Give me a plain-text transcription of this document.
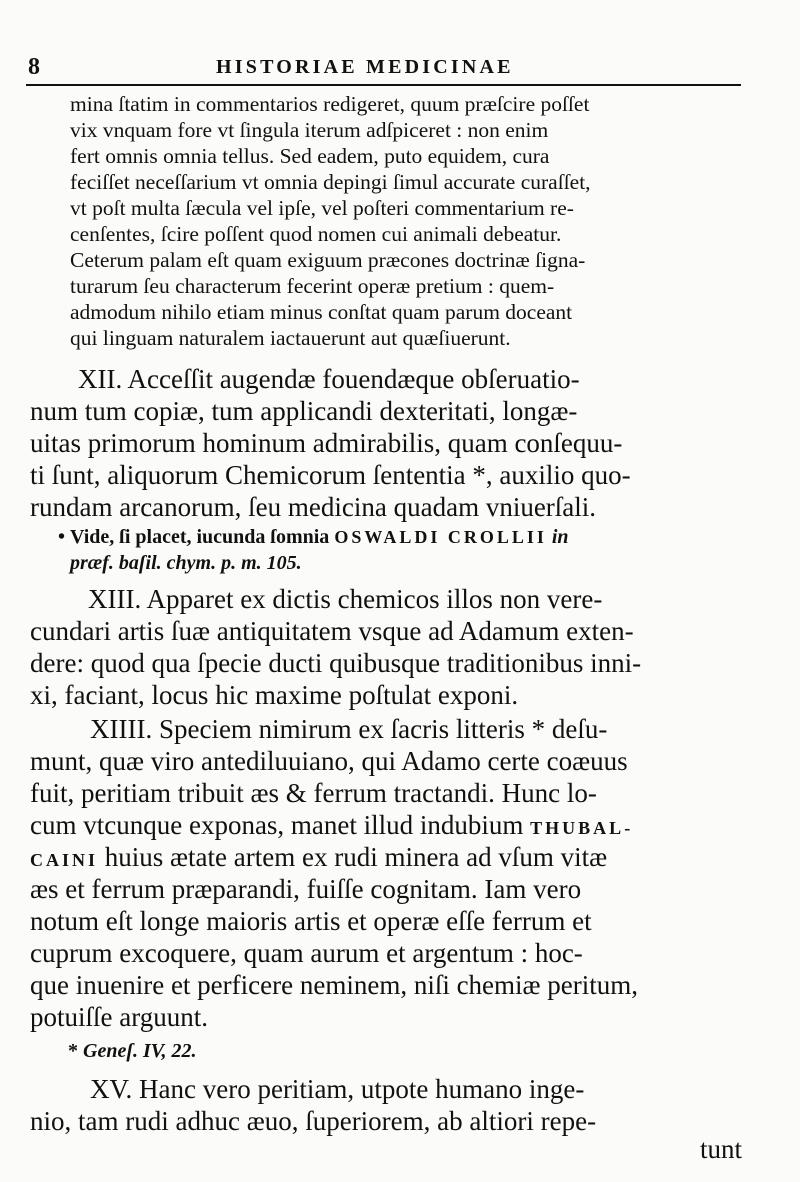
8	HISTORIAE MEDICINAE
mina ſtatim in commentarios redigeret, quum præſcire poſſet
vix vnquam fore vt ſingula iterum adſpiceret : non enim
fert omnis omnia tellus. Sed eadem, puto equidem, cura
feciſſet neceſſarium vt omnia depingi ſimul accurate curaſſet,
vt poſt multa ſæcula vel ipſe, vel poſteri commentarium re-
cenſentes, ſcire poſſent quod nomen cui animali debeatur.
Ceterum palam eſt quam exiguum præcones doctrinæ ſigna-
turarum ſeu characterum fecerint operæ pretium : quem-
admodum nihilo etiam minus conſtat quam parum doceant
qui linguam naturalem iactauerunt aut quæſiuerunt.
XII. Acceſſit augendæ fouendæque obſeruatio-
num tum copiæ, tum applicandi dexteritati, longæ-
uitas primorum hominum admirabilis, quam conſequu-
ti ſunt, aliquorum Chemicorum ſententia *, auxilio quo-
rundam arcanorum, ſeu medicina quadam vniuerſali.
• Vide, ſi placet, iucunda ſomnia OSWALDI CROLLII in
præf. baſil. chym. p. m. 105.
XIII. Apparet ex dictis chemicos illos non vere-
cundari artis ſuæ antiquitatem vsque ad Adamum exten-
dere: quod qua ſpecie ducti quibusque traditionibus inni-
xi, faciant, locus hic maxime poſtulat exponi.
XIIII. Speciem nimirum ex ſacris litteris * deſu-
munt, quæ viro antediluuiano, qui Adamo certe coæuus
fuit, peritiam tribuit æs & ferrum tractandi. Hunc lo-
cum vtcunque exponas, manet illud indubium THUBAL-
CAINI huius ætate artem ex rudi minera ad vſum vitæ
æs et ferrum præparandi, fuiſſe cognitam. Iam vero
notum eſt longe maioris artis et operæ eſſe ferrum et
cuprum excoquere, quam aurum et argentum : hoc-
que inuenire et perficere neminem, niſi chemiæ peritum,
potuiſſe arguunt.
* Geneſ. IV, 22.
XV. Hanc vero peritiam, utpote humano inge-
nio, tam rudi adhuc æuo, ſuperiorem, ab altiori repe-
tunt
